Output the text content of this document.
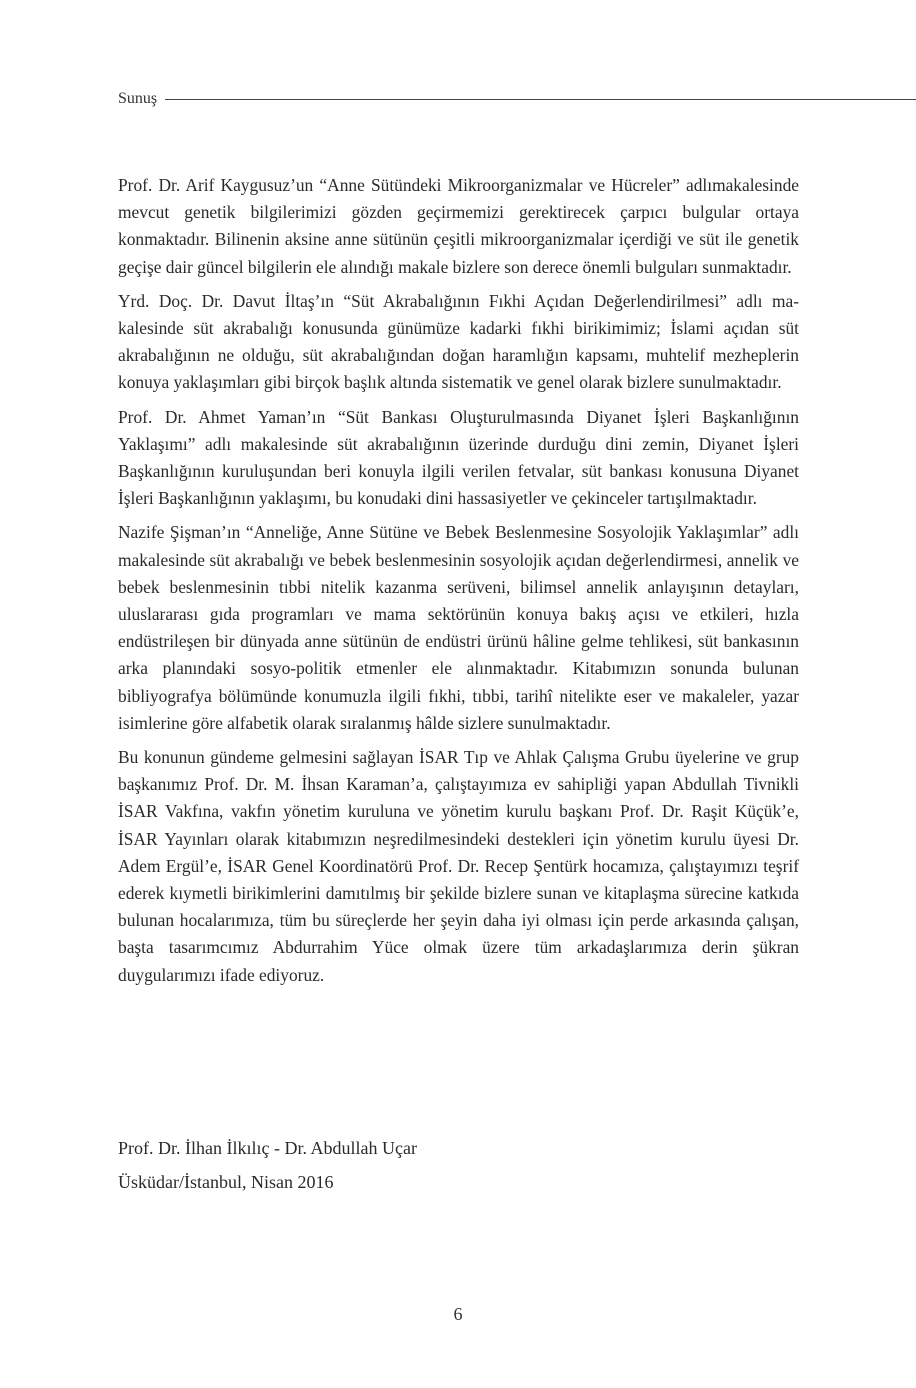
Sunuş

Prof. Dr. Arif Kaygusuz’un “Anne Sütündeki Mikroorganizmalar ve Hücreler” adlımakalesinde mevcut genetik bilgilerimizi gözden geçirmemizi gerektirecek çarpıcı bulgular ortaya konmaktadır. Bilinenin aksine anne sütünün çeşitli mikroorganizmalar içerdiği ve süt ile genetik geçişe dair güncel bilgilerin ele alındığı makale bizlere son derece önemli bulguları sunmaktadır.

Yrd. Doç. Dr. Davut İltaş’ın “Süt Akrabalığının Fıkhi Açıdan Değerlendirilmesi” adlı makalesinde süt akrabalığı konusunda günümüze kadarki fıkhi birikimimiz; İslami açıdan süt akrabalığının ne olduğu, süt akrabalığından doğan haramlığın kapsamı, muhtelif mezheplerin konuya yaklaşımları gibi birçok başlık altında sistematik ve genel olarak bizlere sunulmaktadır.

Prof. Dr. Ahmet Yaman’ın “Süt Bankası Oluşturulmasında Diyanet İşleri Başkanlığının Yaklaşımı” adlı makalesinde süt akrabalığının üzerinde durduğu dini zemin, Diyanet İşleri Başkanlığının kuruluşundan beri konuyla ilgili verilen fetvalar, süt bankası konusuna Diyanet İşleri Başkanlığının yaklaşımı, bu konudaki dini hassasiyetler ve çekinceler tartışılmaktadır.

Nazife Şişman’ın “Anneliğe, Anne Sütüne ve Bebek Beslenmesine Sosyolojik Yaklaşımlar” adlı makalesinde süt akrabalığı ve bebek beslenmesinin sosyolojik açıdan değerlendirmesi, annelik ve bebek beslenmesinin tıbbi nitelik kazanma serüveni, bilimsel annelik anlayışının detayları, uluslararası gıda programları ve mama sektörünün konuya bakış açısı ve etkileri, hızla endüstrileşen bir dünyada anne sütünün de endüstri ürünü hâline gelme tehlikesi, süt bankasının arka planındaki sosyo-politik etmenler ele alınmaktadır. Kitabımızın sonunda bulunan bibliyografya bölümünde konumuzla ilgili fıkhi, tıbbi, tarihî nitelikte eser ve makaleler, yazar isimlerine göre alfabetik olarak sıralanmış hâlde sizlere sunulmaktadır.

Bu konunun gündeme gelmesini sağlayan İSAR Tıp ve Ahlak Çalışma Grubu üyelerine ve grup başkanımız Prof. Dr. M. İhsan Karaman’a, çalıştayımıza ev sahipliği yapan Abdullah Tivnikli İSAR Vakfına, vakfın yönetim kuruluna ve yönetim kurulu başkanı Prof. Dr. Raşit Küçük’e, İSAR Yayınları olarak kitabımızın neşredilmesindeki destekleri için yönetim kurulu üyesi Dr. Adem Ergül’e, İSAR Genel Koordinatörü Prof. Dr. Recep Şentürk hocamıza, çalıştayımızı teşrif ederek kıymetli birikimlerini damıtılmış bir şekilde bizlere sunan ve kitaplaşma sürecine katkıda bulunan hocalarımıza, tüm bu süreçlerde her şeyin daha iyi olması için perde arkasında çalışan, başta tasarımcımız Abdurrahim Yüce olmak üzere tüm arkadaşlarımıza derin şükran duygularımızı ifade ediyoruz.

Prof. Dr. İlhan İlkılıç - Dr. Abdullah Uçar
Üsküdar/İstanbul, Nisan 2016
6
